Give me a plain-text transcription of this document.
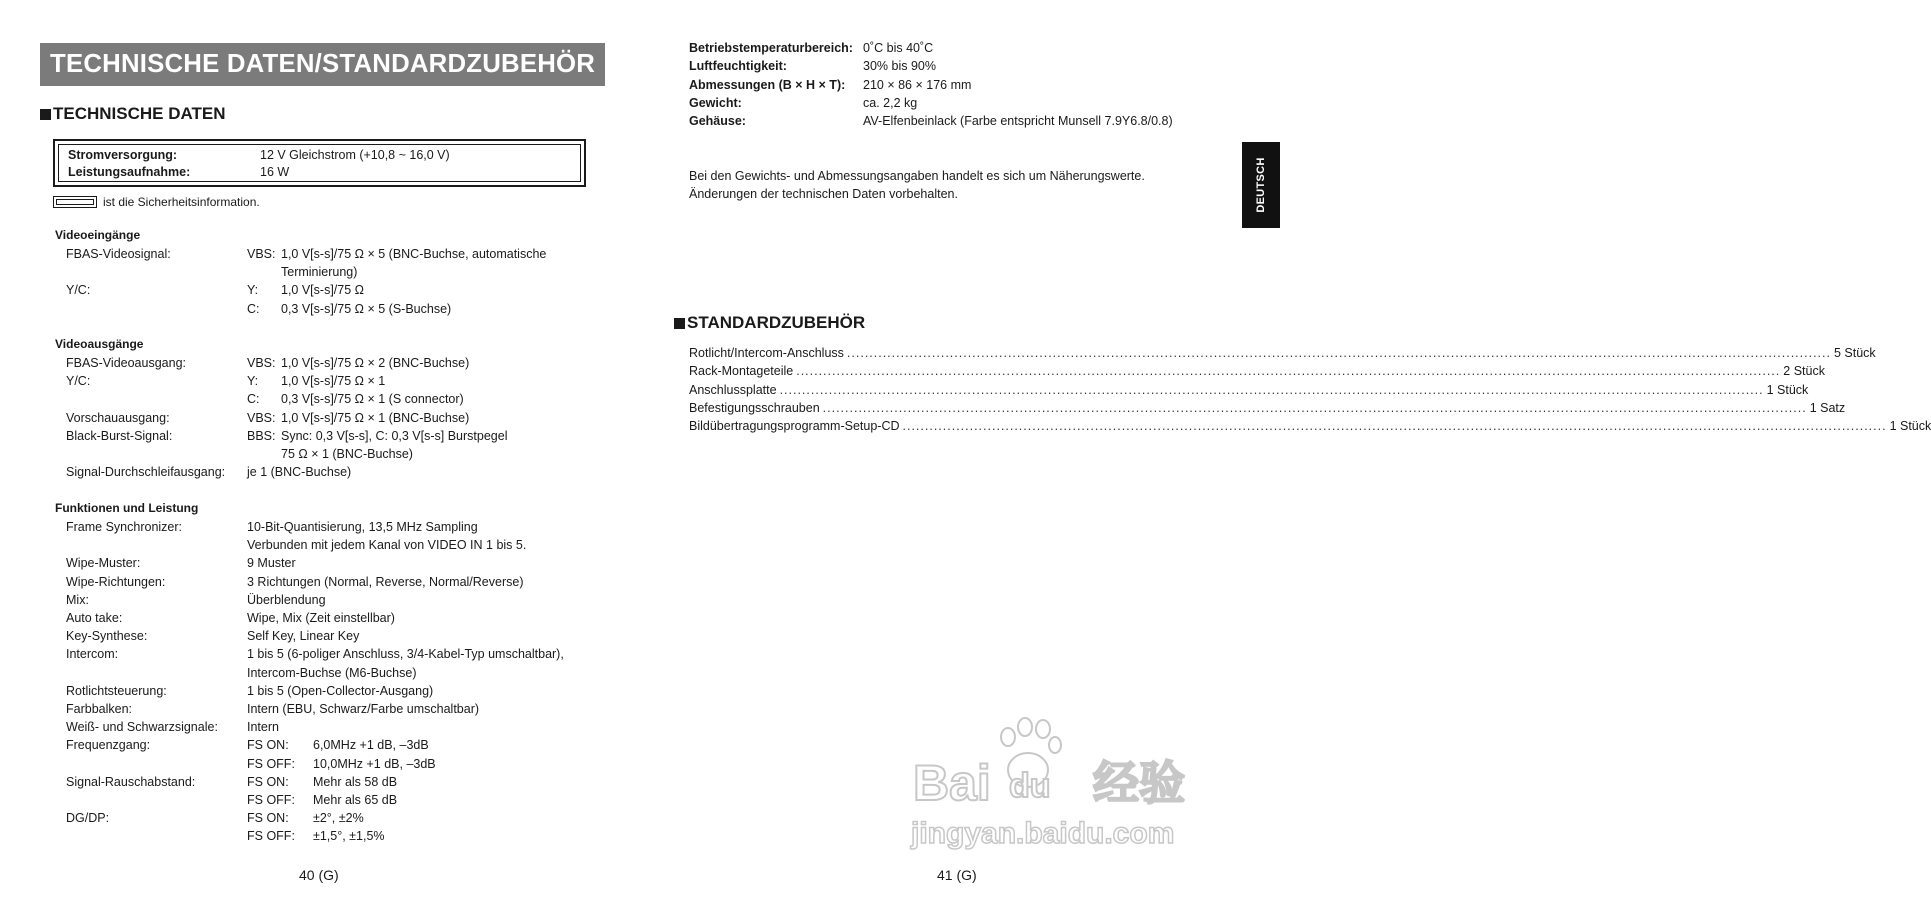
TECHNISCHE DATEN/STANDARDZUBEHÖR
TECHNISCHE DATEN
Stromversorgung:	12 V Gleichstrom (+10,8 ~ 16,0 V)
Leistungsaufnahme:	16 W
ist die Sicherheitsinformation.
Videoeingänge
Videoausgänge
Funktionen und Leistung
40 (G)
Bei den Gewichts- und Abmessungsangaben handelt es sich um Näherungswerte.
Änderungen der technischen Daten vorbehalten.	DEUTSCH
STANDARDZUBEHÖR
41 (G)
Bai du 经验
jingyan.baidu.com
FBAS-Videosignal:	VBS: 1,0 V[s-s]/75 Ω × 5 (BNC-Buchse, automatische
Terminierung)
Y/C:	Y: 1,0 V[s-s]/75 Ω
C: 0,3 V[s-s]/75 Ω × 5 (S-Buchse)
FBAS-Videoausgang:	VBS: 1,0 V[s-s]/75 Ω × 2 (BNC-Buchse)
Y/C:	Y: 1,0 V[s-s]/75 Ω × 1
C: 0,3 V[s-s]/75 Ω × 1 (S connector)
Vorschauausgang:	VBS: 1,0 V[s-s]/75 Ω × 1 (BNC-Buchse)
Black-Burst-Signal:	BBS: Sync: 0,3 V[s-s], C: 0,3 V[s-s] Burstpegel
75 Ω × 1 (BNC-Buchse)
Signal-Durchschleifausgang: je 1 (BNC-Buchse)
Frame Synchronizer:	10-Bit-Quantisierung, 13,5 MHz Sampling
Verbunden mit jedem Kanal von VIDEO IN 1 bis 5.
Wipe-Muster:	9 Muster
Wipe-Richtungen:	3 Richtungen (Normal, Reverse, Normal/Reverse)
Mix:	Überblendung
Auto take:	Wipe, Mix (Zeit einstellbar)
Key-Synthese:	Self Key, Linear Key
Intercom:	1 bis 5 (6-poliger Anschluss, 3/4-Kabel-Typ umschaltbar),
Intercom-Buchse (M6-Buchse)
Rotlichtsteuerung:	1 bis 5 (Open-Collector-Ausgang)
Farbbalken:	Intern (EBU, Schwarz/Farbe umschaltbar)
Weiß- und Schwarzsignale: Intern
Frequenzgang:	FS ON: 6,0MHz +1 dB, –3dB
FS OFF: 10,0MHz +1 dB, –3dB
Signal-Rauschabstand:	FS ON: Mehr als 58 dB
FS OFF: Mehr als 65 dB
DG/DP:	FS ON: ±2°, ±2%
FS OFF: ±1,5°, ±1,5%
Betriebstemperaturbereich: 0˚C bis 40˚C
Luftfeuchtigkeit:	30% bis 90%
Abmessungen (B × H × T): 210 × 86 × 176 mm
Gewicht:	ca. 2,2 kg
Gehäuse:	AV-Elfenbeinlack (Farbe entspricht Munsell 7.9Y6.8/0.8)
Rotlicht/Intercom-Anschluss ............................................................................................................................................................................................................................ 5 Stück
Rack-Montageteile ............................................................................................................................................................................................................................ 2 Stück
Anschlussplatte ............................................................................................................................................................................................................................ 1 Stück
Befestigungsschrauben ............................................................................................................................................................................................................................ 1 Satz
Bildübertragungsprogramm-Setup-CD ............................................................................................................................................................................................................................ 1 Stück
